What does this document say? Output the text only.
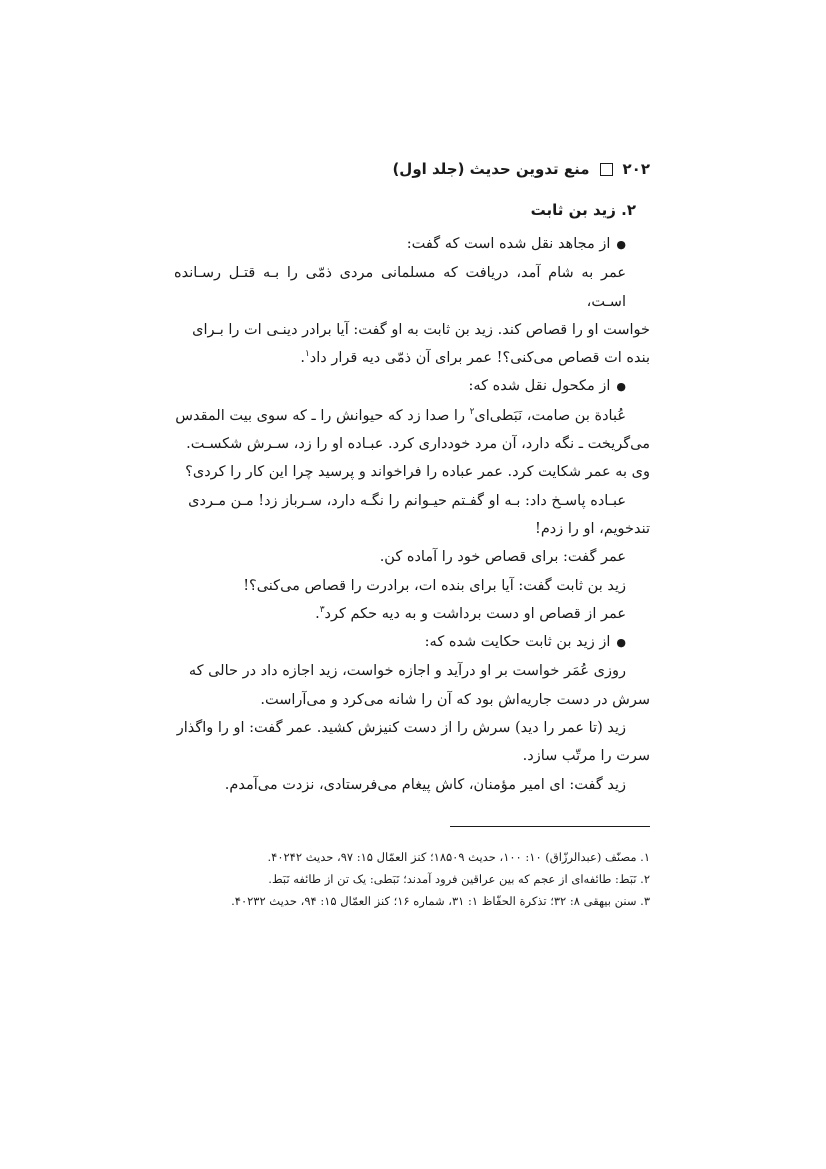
۲۰۲
منع تدوین حدیث (جلد اول)
۲. زید بن ثابت

●از مجاهد نقل شده است که گفت:

عمر به شام آمد، دریافت که مسلمانی مردی ذمّی را بـه قتـل رسـانده اسـت،

خواست او را قصاص کند. زید بن ثابت به او گفت: آیا برادر دینـی ات را بـرای

بنده ات قصاص می‌کنی؟! عمر برای آن ذمّی دیه قرار داد$^۱$.

●از مکحول نقل شده که:

عُبادة بن صامت، نَبَطی‌ای$^۲$ را صدا زد که حیوانش را ـ که سوی بیت المقدس

می‌گریخت ـ نگه دارد، آن مرد خودداری کرد. عبـاده او را زد، سـرش شکسـت.

وی به عمر شکایت کرد. عمر عباده را فراخواند و پرسید چرا این کار را کردی؟

عبـاده پاسـخ داد: بـه او گفـتم حیـوانم را نگـه دارد، سـرباز زد! مـن مـردی

تندخویم، او را زدم!

عمر گفت: برای قصاص خود را آماده کن.

زید بن ثابت گفت: آیا برای بنده ات، برادرت را قصاص می‌کنی؟!

عمر از قصاص او دست برداشت و به دیه حکم کرد$^۳$.

●از زید بن ثابت حکایت شده که:

روزی عُمَر خواست بر او درآید و اجازه خواست، زید اجازه داد در حالی که

سرش در دست جاریه‌اش بود که آن را شانه می‌کرد و می‌آراست.

زید (تا عمر را دید) سرش را از دست کنیزش کشید. عمر گفت: او را واگذار

سرت را مرتّب سازد.

زید گفت: ای امیر مؤمنان، کاش پیغام می‌فرستادی، نزدت می‌آمدم.

۱. مصنّف (عبدالرزّاق) ۱۰: ۱۰۰، حدیث ۱۸۵۰۹؛ کنز العمّال ۱۵: ۹۷، حدیث ۴۰۲۴۲.

۲. نَبَط: طائفه‌ای از عجم که بین عراقین فرود آمدند؛ نَبَطی: یک تن از طائفه نَبَط.

۳. سنن بیهقی ۸: ۳۲؛ تذکرة الحفّاظ ۱: ۳۱، شماره ۱۶؛ کنز العمّال ۱۵: ۹۴، حدیث ۴۰۲۳۲.
